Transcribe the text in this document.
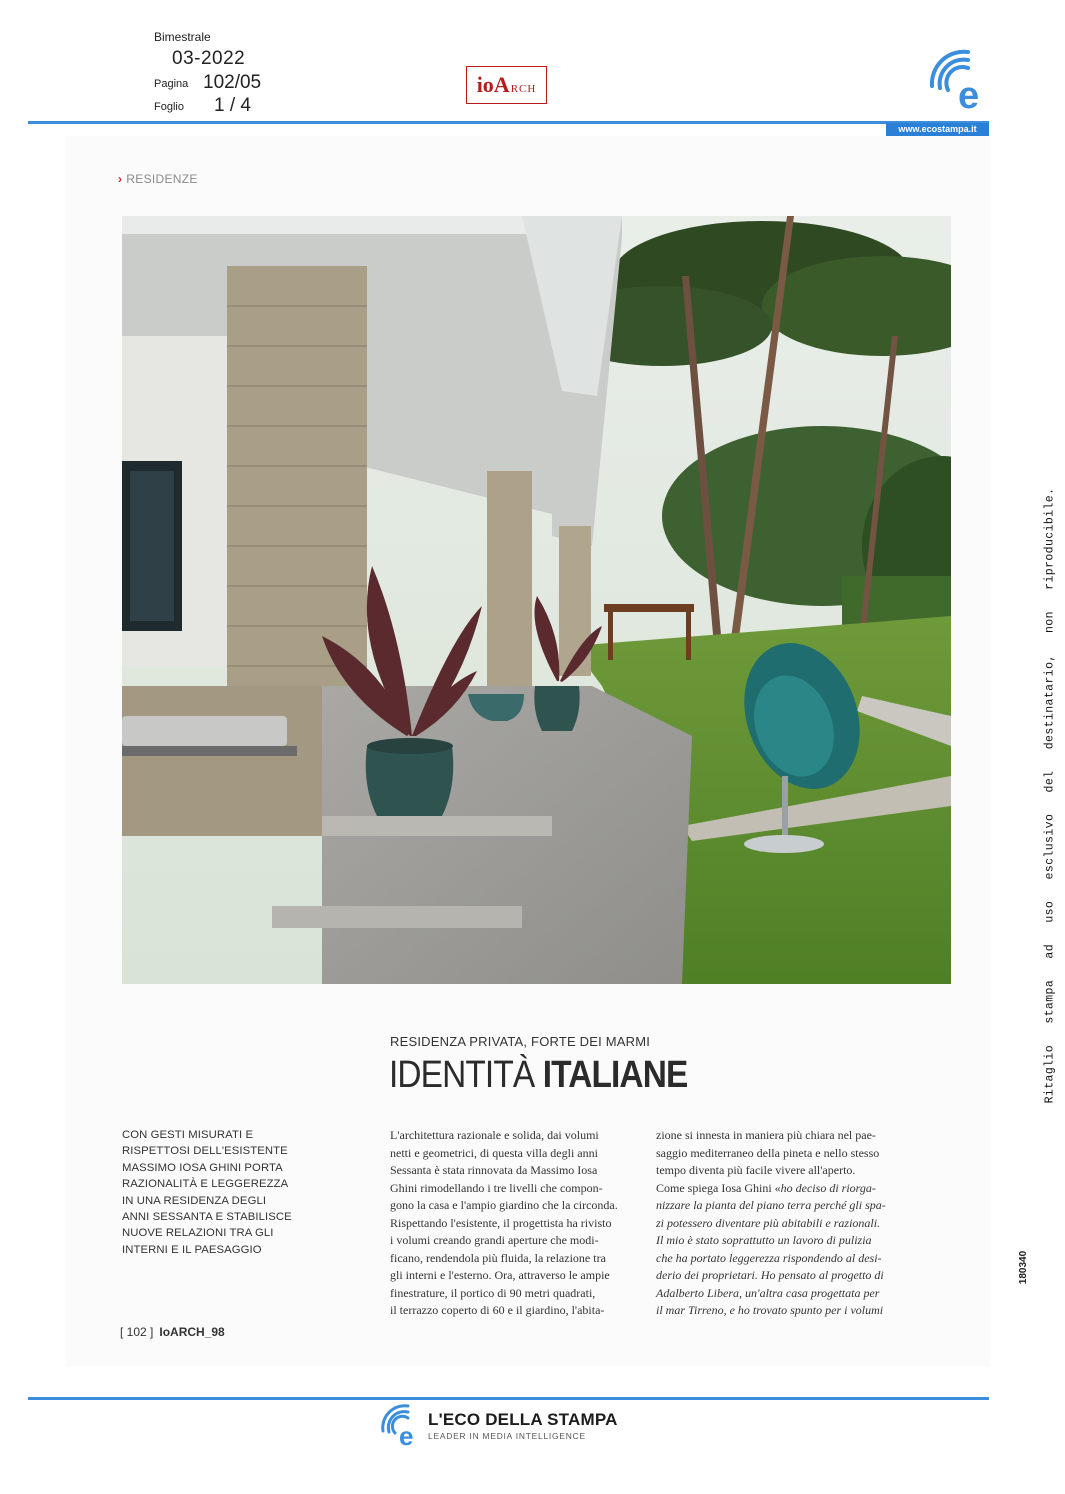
Bimestrale
03-2022
Pagina 102/05
Foglio 1 / 4
ioA RCH	e
www.ecostampa.it
› RESIDENZE
RESIDENZA PRIVATA, FORTE DEI MARMI
IDENTITÀ ITALIANE
CON GESTI MISURATI E RISPETTOSI DELL'ESISTENTE MASSIMO IOSA GHINI PORTA RAZIONALITÀ E LEGGEREZZA IN UNA RESIDENZA DEGLI ANNI SESSANTA E STABILISCE NUOVE RELAZIONI TRA GLI INTERNI E IL PAESAGGIO
L'architettura razionale e solida, dai volumi
netti e geometrici, di questa villa degli anni
Sessanta è stata rinnovata da Massimo Iosa
Ghini rimodellando i tre livelli che compon-
gono la casa e l'ampio giardino che la circonda.
Rispettando l'esistente, il progettista ha rivisto
i volumi creando grandi aperture che modi-
ficano, rendendola più fluida, la relazione tra
gli interni e l'esterno. Ora, attraverso le ampie
finestrature, il portico di 90 metri quadrati,
il terrazzo coperto di 60 e il giardino, l'abita-
zione si innesta in maniera più chiara nel pae-
saggio mediterraneo della pineta e nello stesso
tempo diventa più facile vivere all'aperto.
Come spiega Iosa Ghini «ho deciso di riorga-
nizzare la pianta del piano terra perché gli spa-
zi potessero diventare più abitabili e razionali.
Il mio è stato soprattutto un lavoro di pulizia
che ha portato leggerezza rispondendo al desi-
derio dei proprietari. Ho pensato al progetto di
Adalberto Libera, un'altra casa progettata per
il mar Tirreno, e ho trovato spunto per i volumi
[ 102 ] IoARCH_98
Ritaglio stampa ad uso esclusivo del destinatario, non riproducibile.
180340
e
L'ECO DELLA STAMPA
LEADER IN MEDIA INTELLIGENCE
